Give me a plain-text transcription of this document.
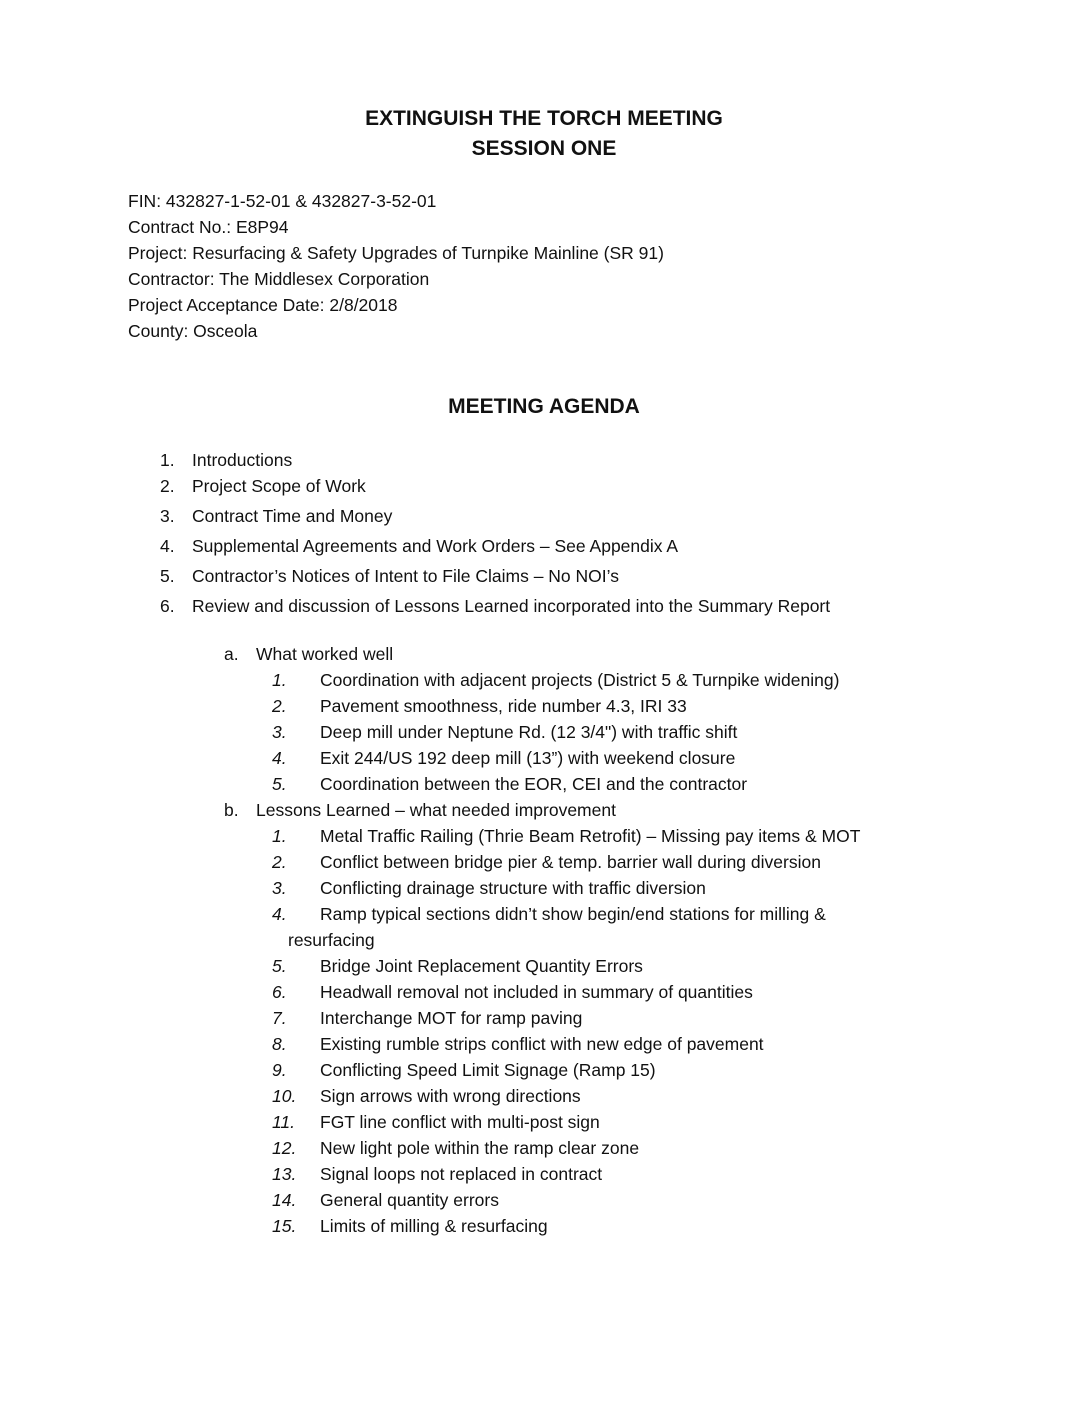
EXTINGUISH THE TORCH MEETING
SESSION ONE
FIN: 432827-1-52-01 & 432827-3-52-01
Contract No.: E8P94
Project: Resurfacing & Safety Upgrades of Turnpike Mainline (SR 91)
Contractor: The Middlesex Corporation
Project Acceptance Date: 2/8/2018
County: Osceola
MEETING AGENDA
1. Introductions
2. Project Scope of Work
3. Contract Time and Money
4. Supplemental Agreements and Work Orders – See Appendix A
5. Contractor’s Notices of Intent to File Claims – No NOI’s
6. Review and discussion of Lessons Learned incorporated into the Summary Report
a. What worked well
1. Coordination with adjacent projects (District 5 & Turnpike widening)
2. Pavement smoothness, ride number 4.3, IRI 33
3. Deep mill under Neptune Rd. (12 3/4") with traffic shift
4. Exit 244/US 192 deep mill (13”) with weekend closure
5. Coordination between the EOR, CEI and the contractor
b. Lessons Learned – what needed improvement
1. Metal Traffic Railing (Thrie Beam Retrofit) – Missing pay items & MOT
2. Conflict between bridge pier & temp. barrier wall during diversion
3. Conflicting drainage structure with traffic diversion
4. Ramp typical sections didn’t show begin/end stations for milling &
resurfacing
5. Bridge Joint Replacement Quantity Errors
6. Headwall removal not included in summary of quantities
7. Interchange MOT for ramp paving
8. Existing rumble strips conflict with new edge of pavement
9. Conflicting Speed Limit Signage (Ramp 15)
10. Sign arrows with wrong directions
11. FGT line conflict with multi-post sign
12. New light pole within the ramp clear zone
13. Signal loops not replaced in contract
14. General quantity errors
15. Limits of milling & resurfacing
